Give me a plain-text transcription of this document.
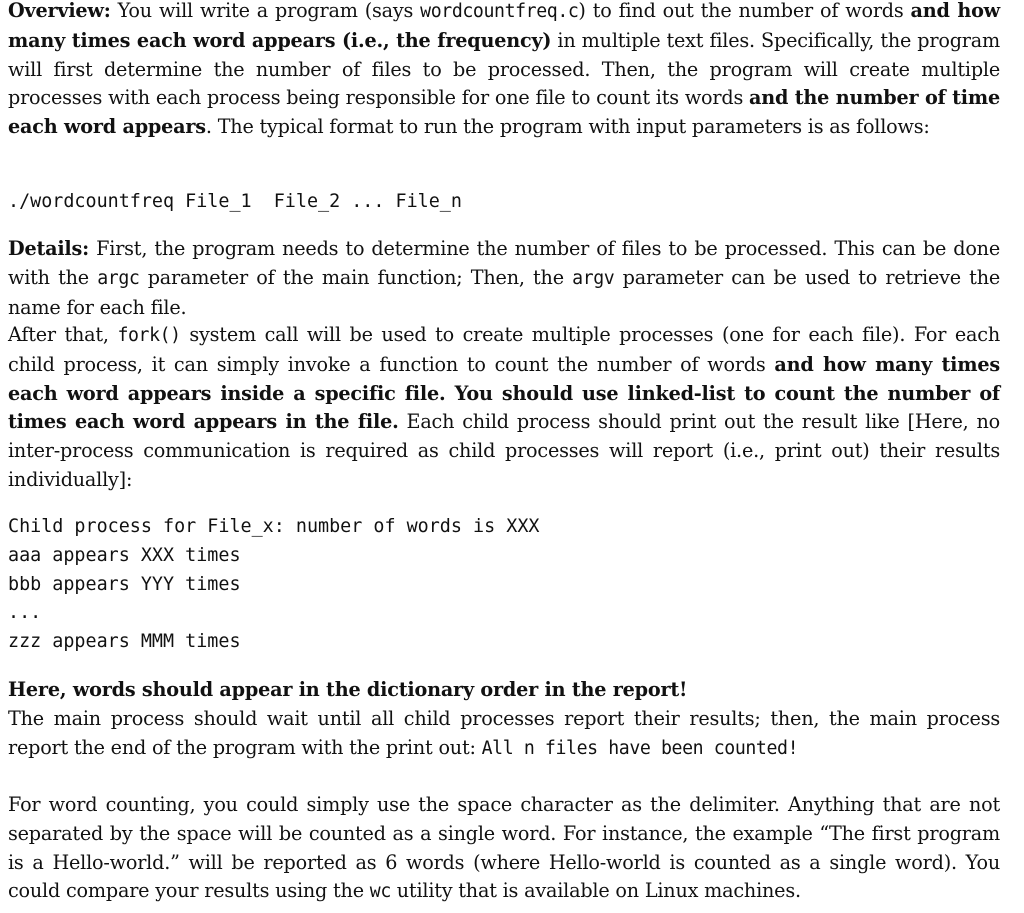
Overview: You will write a program (says wordcountfreq.c) to find out the number of words and how many times each word appears (i.e., the frequency) in multiple text files. Specifically, the program will first determine the number of files to be processed. Then, the program will create multiple processes with each process being responsible for one file to count its words and the number of time each word appears. The typical format to run the program with input parameters is as follows:

./wordcountfreq File_1  File_2 ... File_n

Details: First, the program needs to determine the number of files to be processed. This can be done with the argc parameter of the main function; Then, the argv parameter can be used to retrieve the name for each file.

After that, fork() system call will be used to create multiple processes (one for each file). For each child process, it can simply invoke a function to count the number of words and how many times each word appears inside a specific file. You should use linked-list to count the number of times each word appears in the file. Each child process should print out the result like [Here, no inter-process communication is required as child processes will report (i.e., print out) their results individually]:

Child process for File_x: number of words is XXX
aaa appears XXX times
bbb appears YYY times
...
zzz appears MMM times

Here, words should appear in the dictionary order in the report!
The main process should wait until all child processes report their results; then, the main process report the end of the program with the print out: All n files have been counted!

For word counting, you could simply use the space character as the delimiter. Anything that are not separated by the space will be counted as a single word. For instance, the example “The first program is a Hello-world.” will be reported as 6 words (where Hello-world is counted as a single word). You could compare your results using the wc utility that is available on Linux machines.
